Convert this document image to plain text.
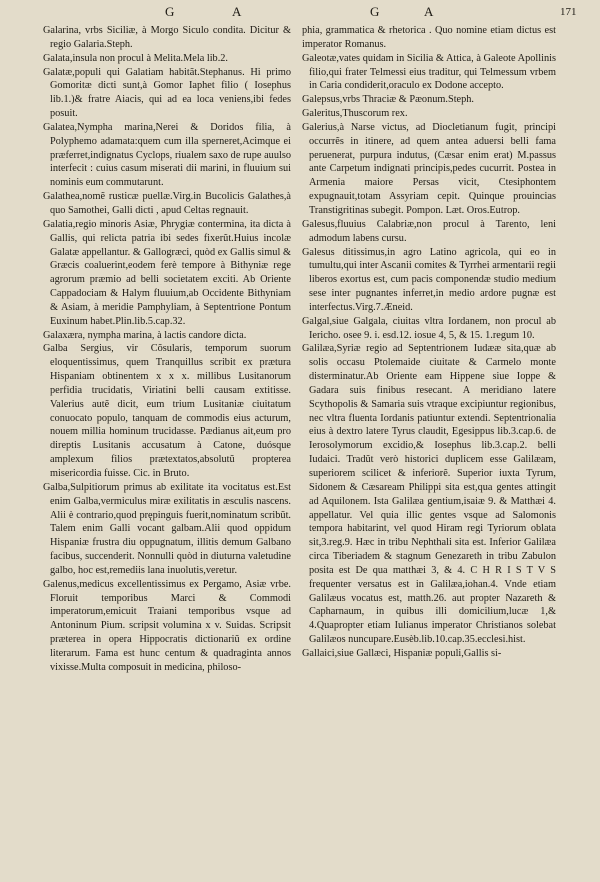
G	A	G	A	171

Galarina, vrbs Siciliæ, à Morgo Siculo condita. Dicitur & regio Galaria.Steph.

Galata,insula non procul à Melita.Mela lib.2.

Galatæ,populi qui Galatiam habitãt.Stephanus. Hi primo Gomoritæ dicti sunt,à Gomor Iaphet filio ( Iosephus lib.1.)& fratre Aiacis, qui ad ea loca veniens,ibi fedes posuit.

Galatea,Nympha marina,Nerei & Doridos filia, à Polyphemo adamata:quem cum illa sperneret,Acimque ei præferret,indignatus Cyclops, riualem saxo de rupe auulso interfecit : cuius casum miserati dii marini, in fluuium sui nominis eum commutarunt.

Galathea,nomẽ rusticæ puellæ.Virg.in Bucolicis Galathes,à quo Samothei, Galli dicti , apud Celtas regnauit.

Galatia,regio minoris Asiæ, Phrygiæ contermina, ita dicta à Gallis, qui relicta patria ibi sedes fixerũt.Huius incolæ Galatæ appellantur. & Gallogræci, quòd ex Gallis simul & Græcis coaluerint,eodem ferè tempore à Bithyniæ rege agrorum præmio ad belli societatem exciti. Ab Oriente Cappadociam & Halym fluuium,ab Occidente Bithyniam & Asiam, à meridie Pamphyliam, à Septentrione Pontum Euxinum habet.Plin.lib.5.cap.32.

Galaxæra, nympha marina, à lactis candore dicta.

Galba Sergius, vir Cõsularis, temporum suorum eloquentissimus, quem Tranquillus scribit ex prætura Hispaniam obtinentem x x x. millibus Lusitanorum perfidia trucidatis, Viriatini belli causam extitisse. Valerius autẽ dicit, eum trium Lusitaniæ ciuitatum conuocato populo, tanquam de commodis eius acturum, nouem millia hominum trucidasse. Pædianus ait,eum pro direptis Lusitanis accusatum à Catone, duósque amplexum filios prætextatos,absolutũ propterea misericordia fuisse. Cic. in Bruto.

Galba,Sulpitiorum primus ab exilitate ita vocitatus est.Est enim Galba,vermiculus miræ exilitatis in æsculis nascens. Alii è contrario,quod prępinguis fuerit,nominatum scribũt. Talem enim Galli vocant galbam.Alii quod oppidum Hispaniæ frustra diu oppugnatum, illitis demum Galbano facibus, succenderit. Nonnulli quòd in diuturna valetudine galbo, hoc est,remediis lana inuolutis,veretur.

Galenus,medicus excellentissimus ex Pergamo, Asiæ vrbe. Floruit temporibus Marci & Commodi imperatorum,emicuit Traiani temporibus vsque ad Antoninum Pium. scripsit volumina x v. Suidas. Scripsit præterea in opera Hippocratis dictionariũ ex ordine literarum. Fama est hunc centum & quadraginta annos vixisse.Multa composuit in medicina, philoso-

phia, grammatica & rhetorica . Quo nomine etiam dictus est imperator Romanus.

Galeotæ,vates quidam in Sicilia & Attica, à Galeote Apollinis filio,qui frater Telmessi eius traditur, qui Telmessum vrbem in Caria condiderit,oraculo ex Dodone accepto.

Galepsus,vrbs Thraciæ & Pæonum.Steph.

Galeritus,Thuscorum rex.

Galerius,à Narse victus, ad Diocletianum fugit, principi occurrẽs in itinere, ad quem antea aduersi belli fama peruenerat, purpura indutus, (Cæsar enim erat) M.passus ante Carpetum indignati principis,pedes cucurrit. Postea in Armenia maiore Persas vicit, Ctesiphontem expugnauit,totam Assyriam cepit. Quinque prouincias Transtigritinas subegit. Pompon. Læt. Oros.Eutrop.

Galesus,fluuius Calabriæ,non procul à Tarento, leni admodum labens cursu.

Galesus ditissimus,in agro Latino agricola, qui eo in tumultu,qui inter Ascanii comites & Tyrrhei armentarii regii liberos exortus est, cum pacis componendæ studio medium sese inter pugnantes inferret,in medio ardore pugnæ est interfectus.Virg.7.Æneid.

Galgal,siue Galgala, ciuitas vltra Iordanem, non procul ab Iericho. osee 9. i. esd.12. iosue 4, 5, & 15. 1.regum 10.

Galilæa,Syriæ regio ad Septentrionem Iudææ sita,quæ ab solis occasu Ptolemaide ciuitate & Carmelo monte disterminatur.Ab Oriente eam Hippene siue Ioppe & Gadara suis finibus resecant. A meridiano latere Scythopolis & Samaria suis vtraque excipiuntur regionibus, nec vltra fluenta Iordanis patiuntur extendi. Septentrionalia eius à dextro latere Tyrus claudit, Egesippus lib.3.cap.6. de Ierosolymorum excidio,& Iosephus lib.3.cap.2. belli Iudaici. Tradũt verò historici duplicem esse Galilæam, superiorem scilicet & inferiorẽ. Superior iuxta Tyrum, Sidonem & Cæsaream Philippi sita est,qua gentes attingit ad Aquilonem. Ista Galilæa gentium,isaiæ 9. & Matthæi 4. appellatur. Vel quia illic gentes vsque ad Salomonis tempora habitarint, vel quod Hiram regi Tyriorum oblata sit,3.reg.9. Hæc in tribu Nephthali sita est. Inferior Galilæa circa Tiberiadem & stagnum Genezareth in tribu Zabulon posita est De qua matthæi 3, & 4. C H R I S T V S frequenter versatus est in Galilæa,iohan.4. Vnde etiam Galilæus vocatus est, matth.26. aut propter Nazareth & Capharnaum, in quibus illi domicilium,lucæ 1,& 4.Quapropter etiam Iulianus imperator Christianos solebat Galilæos nuncupare.Eusèb.lib.10.cap.35.ecclesi.hist.

Gallaici,siue Gallæci, Hispaniæ populi,Gallis si-
